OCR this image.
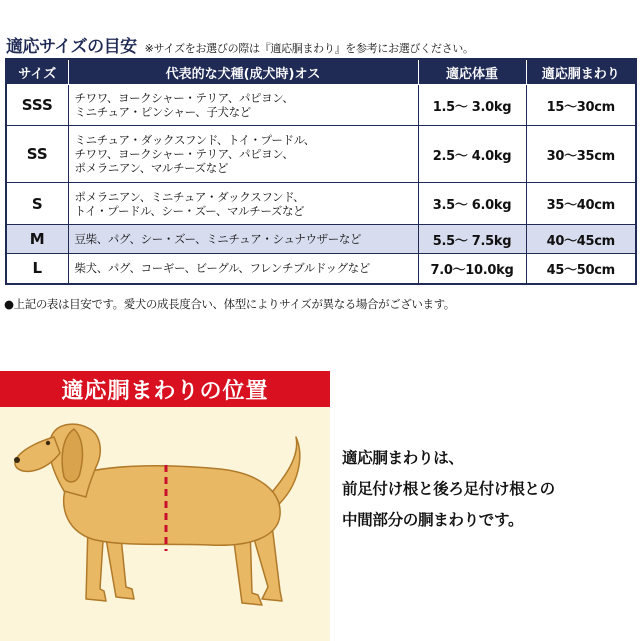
適応サイズの目安 ※サイズをお選びの際は『適応胴まわり』を参考にお選びください。
サイズ	代表的な犬種(成犬時)オス	適応体重	適応胴まわり
SSS	チワワ、ヨークシャー・テリア、パピヨン、
ミニチュア・ピンシャー、子犬など	1.5～ 3.0kg	15～30cm
SS	ミニチュア・ダックスフンド、トイ・プードル、
チワワ、ヨークシャー・テリア、パピヨン、
ポメラニアン、マルチーズなど	2.5～ 4.0kg	30～35cm
S	ポメラニアン、ミニチュア・ダックスフンド、
トイ・プードル、シー・ズー、マルチーズなど	3.5～ 6.0kg	35～40cm
M	豆柴、パグ、シー・ズー、ミニチュア・シュナウザーなど	5.5～ 7.5kg	40～45cm
L	柴犬、パグ、コーギー、ビーグル、フレンチブルドッグなど	7.0～10.0kg	45～50cm
●上記の表は目安です。愛犬の成長度合い、体型によりサイズが異なる場合がございます。
適応胴まわりの位置
適応胴まわりは、
前足付け根と後ろ足付け根との
中間部分の胴まわりです。
